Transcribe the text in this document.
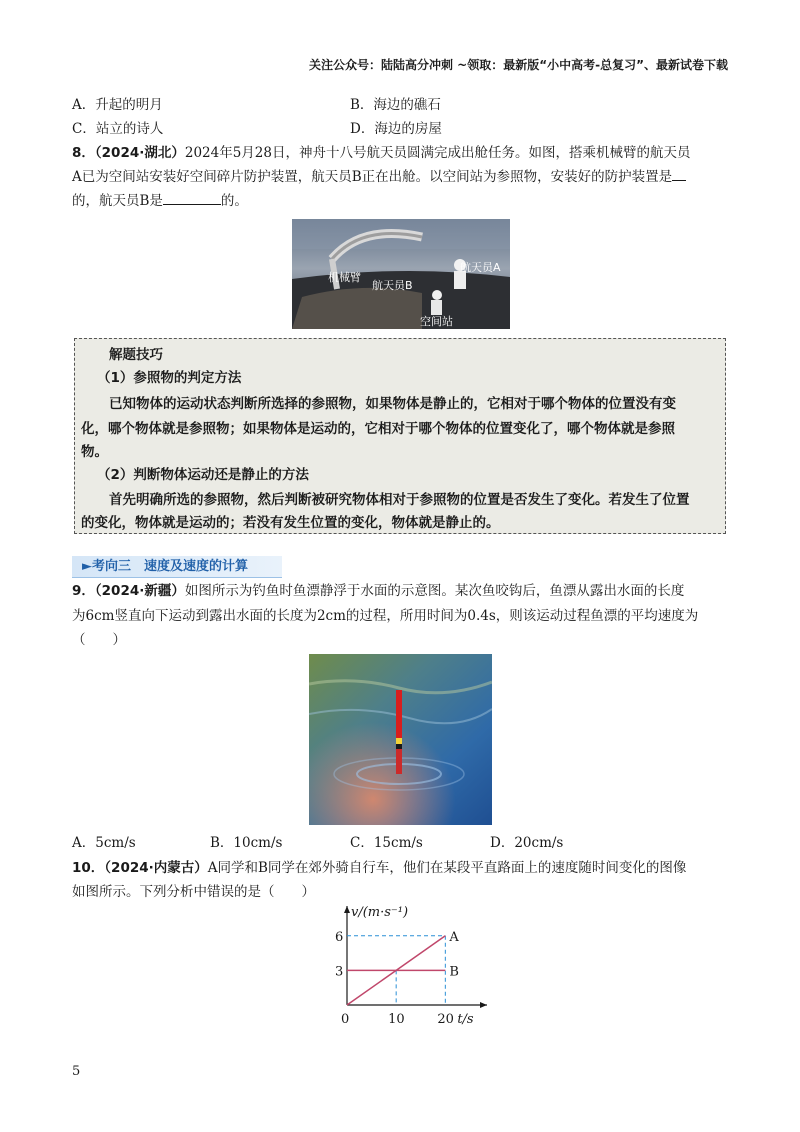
关注公众号：陆陆高分冲刺 ~领取：最新版“小中高考-总复习”、最新试卷下载
A．升起的明月	B．海边的礁石
C．站立的诗人	D．海边的房屋
8．（2024·湖北）2024年5月28日，神舟十八号航天员圆满完成出舱任务。如图，搭乘机械臂的航天员
A已为空间站安装好空间碎片防护装置，航天员B正在出舱。以空间站为参照物，安装好的防护装置是
的，航天员B是	的。
机械臂
航天员A
航天员B
空间站
解题技巧
（1）参照物的判定方法
已知物体的运动状态判断所选择的参照物，如果物体是静止的，它相对于哪个物体的位置没有变
化，哪个物体就是参照物；如果物体是运动的，它相对于哪个物体的位置变化了，哪个物体就是参照
物。
（2）判断物体运动还是静止的方法
首先明确所选的参照物，然后判断被研究物体相对于参照物的位置是否发生了变化。若发生了位置
的变化，物体就是运动的；若没有发生位置的变化，物体就是静止的。
►考向三　速度及速度的计算
9．（2024·新疆）如图所示为钓鱼时鱼漂静浮于水面的示意图。某次鱼咬钩后，鱼漂从露出水面的长度
为6cm竖直向下运动到露出水面的长度为2cm的过程，所用时间为0.4s，则该运动过程鱼漂的平均速度为
（　　）
A．5cm/s	B．10cm/s	C．15cm/s	D．20cm/s
10．（2024·内蒙古）A同学和B同学在郊外骑自行车，他们在某段平直路面上的速度随时间变化的图像
如图所示。下列分析中错误的是（　　）
A
B
3
6
10	20
0
v/(m·s⁻¹)
t/s
5
